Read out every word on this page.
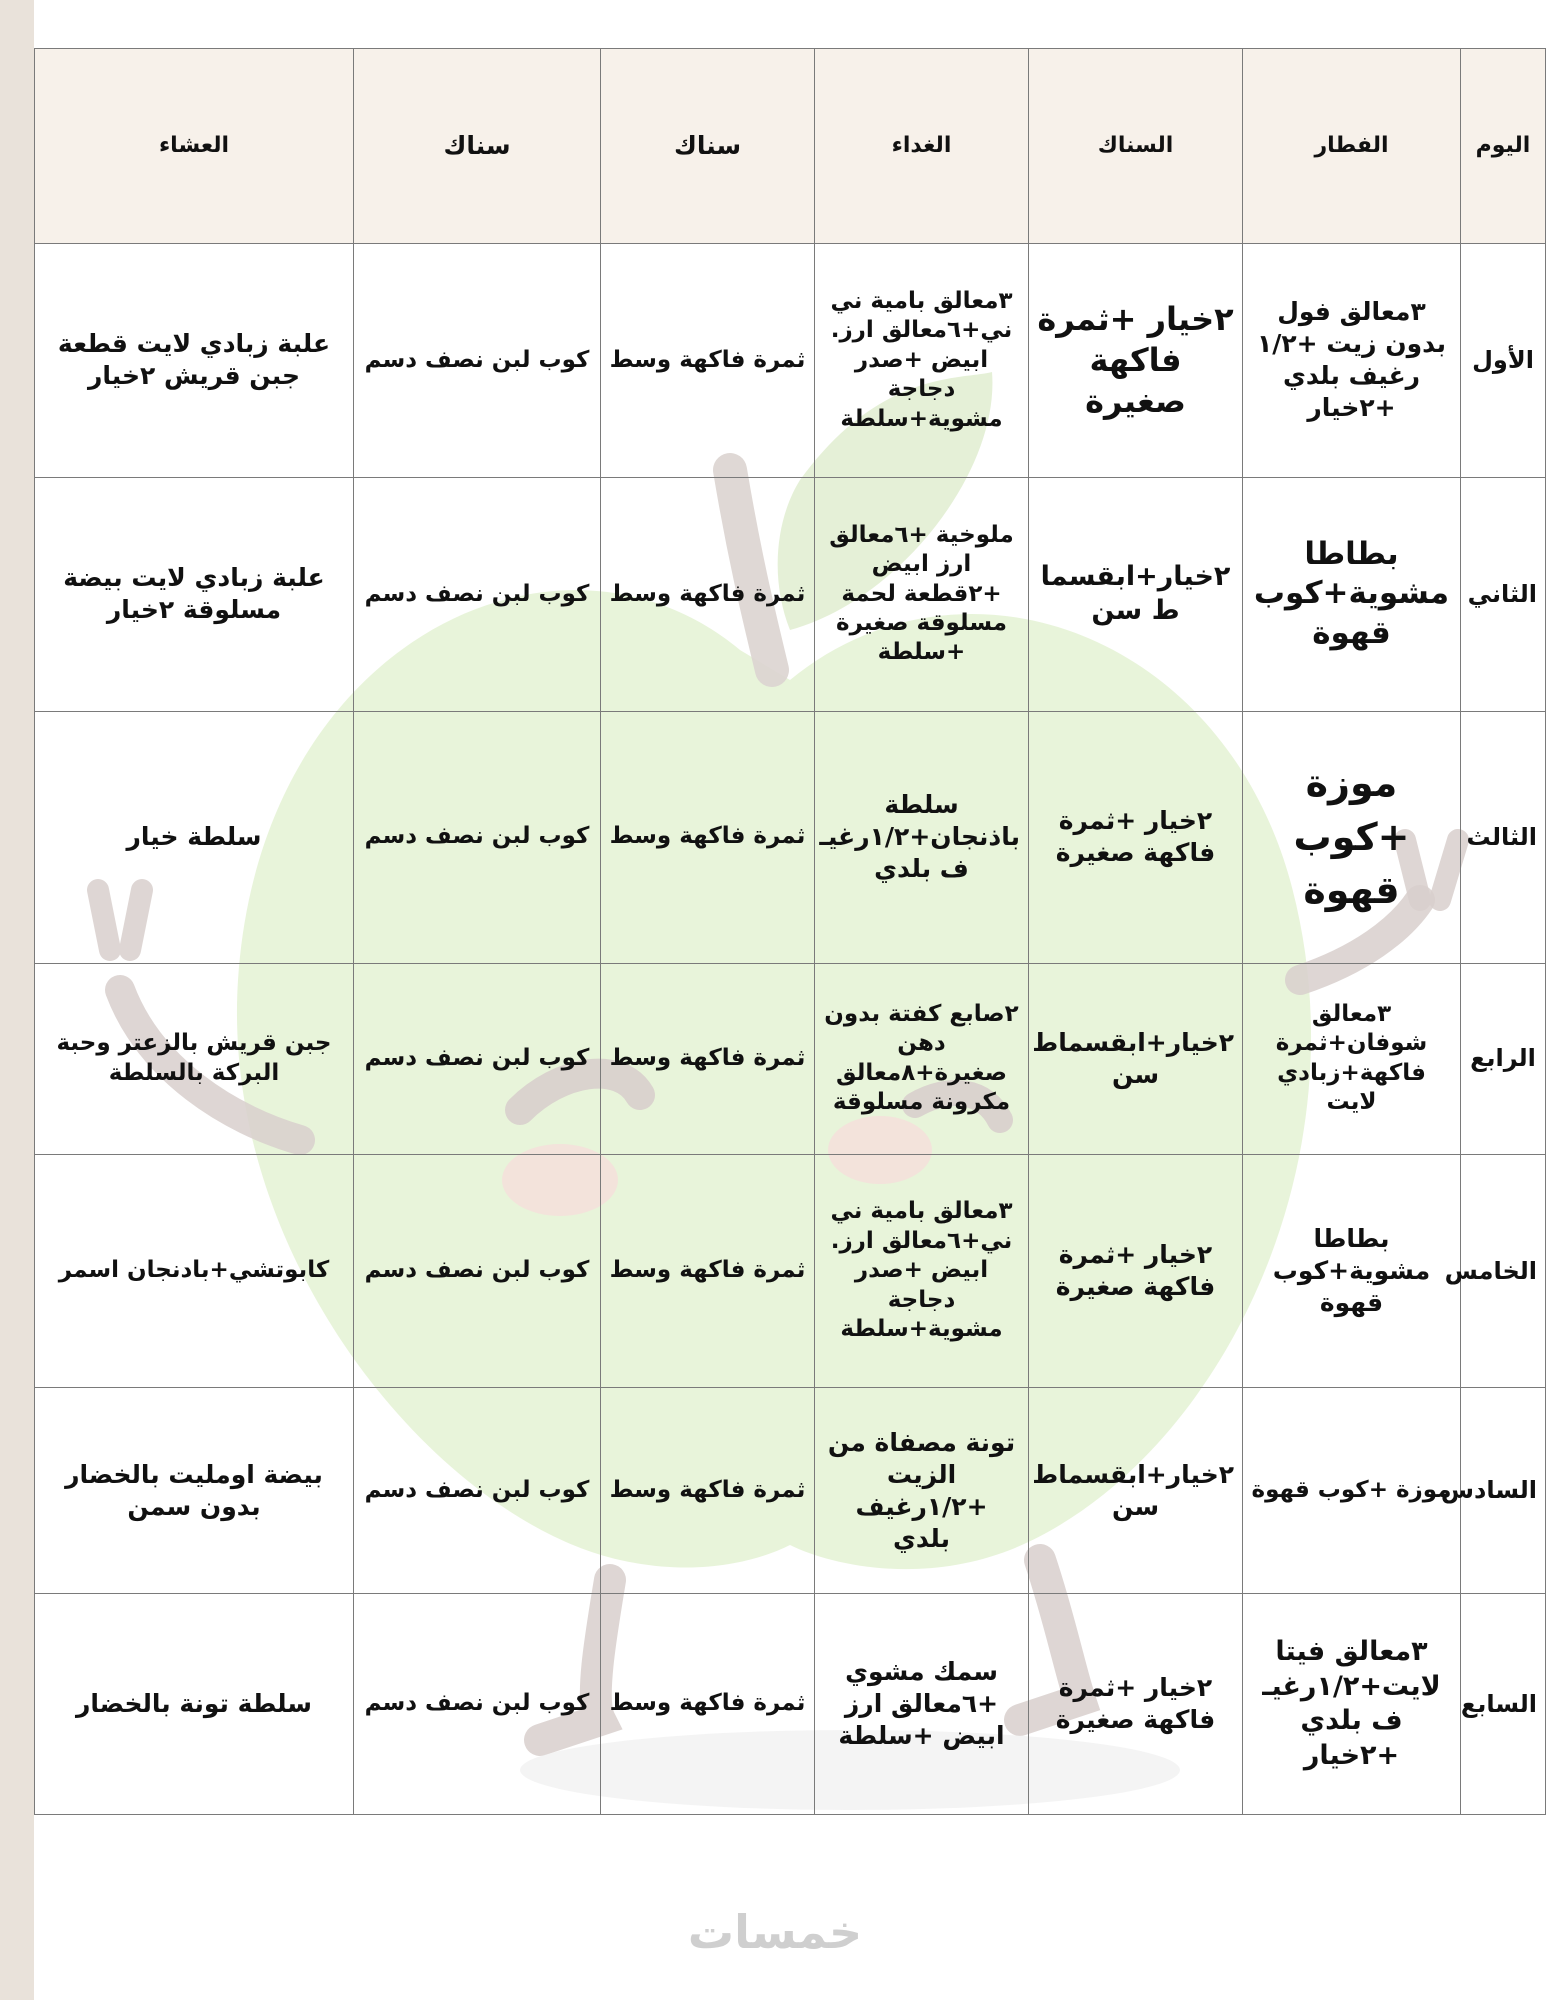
اليوم	الفطار	السناك	الغداء	سناك	سناك	العشاء
الأول	٣معالق فول بدون زيت +١/٢ رغيف بلدي +٢خيار	٢خيار +ثمرة فاكهة صغيرة	٣معالق بامية ني ني+٦معالق ارز. ابيض +صدر دجاجة مشوية+سلطة	ثمرة فاكهة وسط	كوب لبن نصف دسم	علبة زبادي لايت قطعة جبن قريش ٢خيار
الثاني	بطاطا مشوية+كوب قهوة	٢خيار+ابقسما ط سن	ملوخية +٦معالق ارز ابيض +٢قطعة لحمة مسلوقة صغيرة +سلطة	ثمرة فاكهة وسط	كوب لبن نصف دسم	علبة زبادي لايت بيضة مسلوقة ٢خيار
الثالث	موزة +كوب قهوة	٢خيار +ثمرة فاكهة صغيرة	سلطة باذنجان+١/٢رغيـ ف بلدي	ثمرة فاكهة وسط	كوب لبن نصف دسم	سلطة خيار
الرابع	٣معالق شوفان+ثمرة فاكهة+زبادي لايت	٢خيار+ابقسماط سن	٢صابع كفتة بدون دهن صغيرة+٨معالق مكرونة مسلوقة	ثمرة فاكهة وسط	كوب لبن نصف دسم	جبن قريش بالزعتر وحبة البركة بالسلطة
الخامس	بطاطا مشوية+كوب قهوة	٢خيار +ثمرة فاكهة صغيرة	٣معالق بامية ني ني+٦معالق ارز. ابيض +صدر دجاجة مشوية+سلطة	ثمرة فاكهة وسط	كوب لبن نصف دسم	كابوتشي+بادنجان اسمر
السادس	موزة +كوب قهوة	٢خيار+ابقسماط سن	تونة مصفاة من الزيت +١/٢رغيف بلدي	ثمرة فاكهة وسط	كوب لبن نصف دسم	بيضة اومليت بالخضار بدون سمن
السابع	٣معالق فيتا لايت+١/٢رغيـ ف بلدي +٢خيار	٢خيار +ثمرة فاكهة صغيرة	سمك مشوي +٦معالق ارز ابيض +سلطة	ثمرة فاكهة وسط	كوب لبن نصف دسم	سلطة تونة بالخضار
خمسات
